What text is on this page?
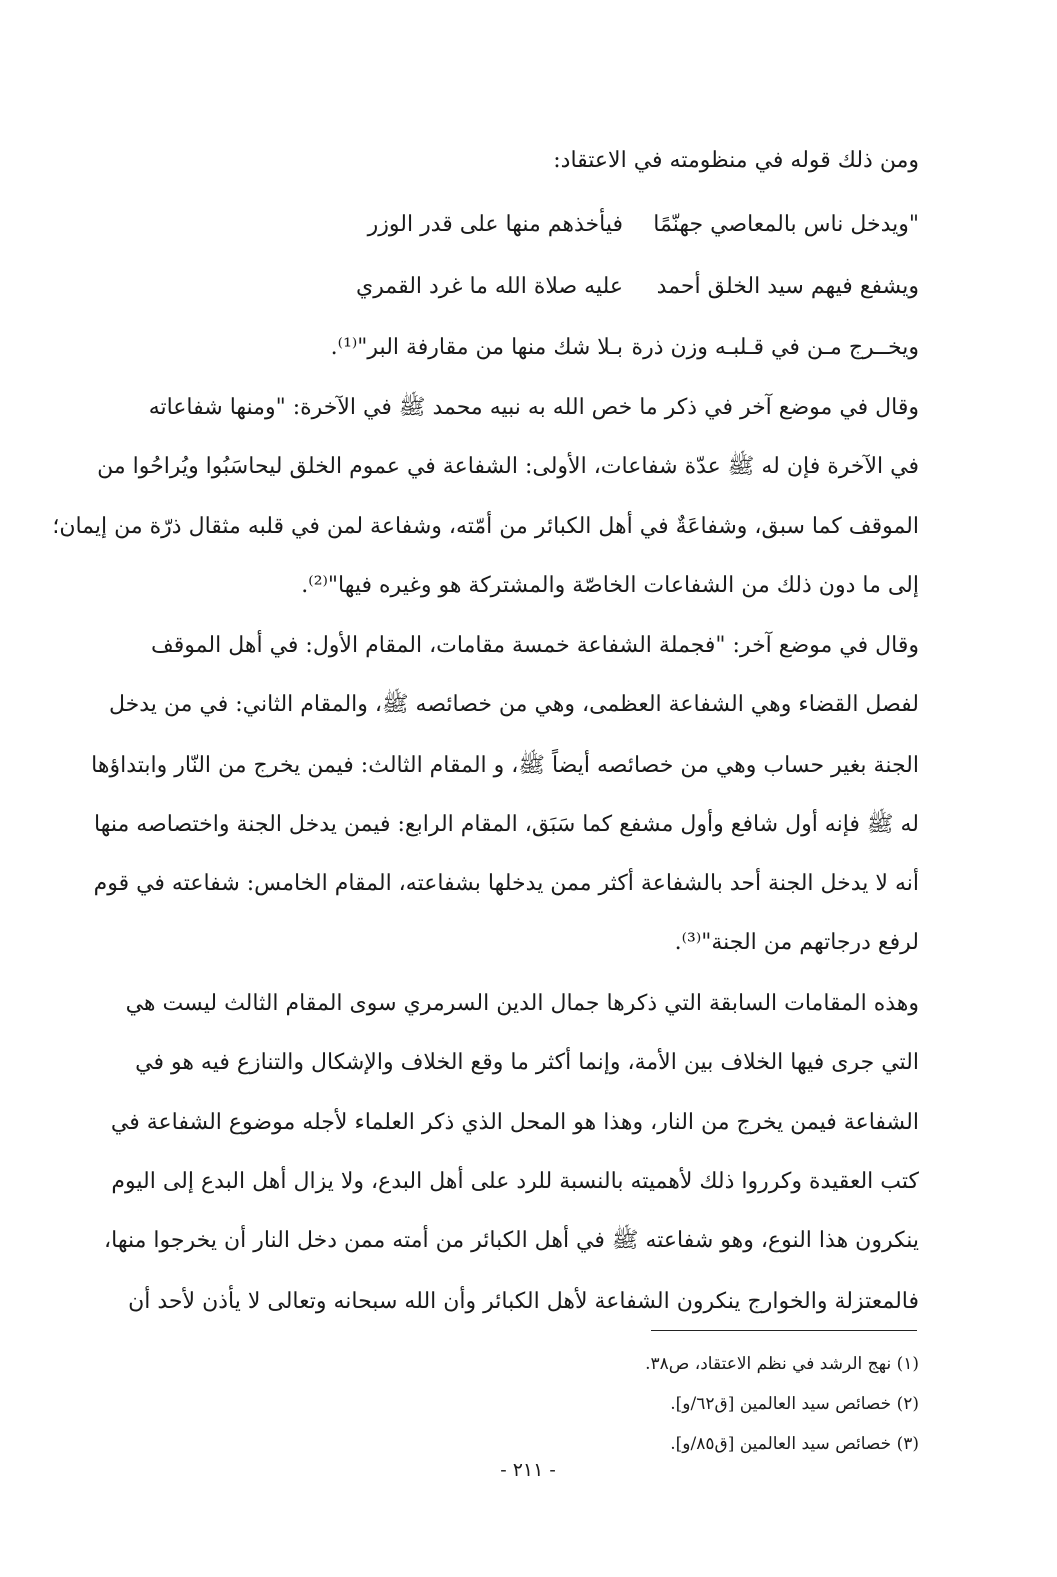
ومن ذلك قوله في منظومته في الاعتقاد:
"ويدخل ناس بالمعاصي جهنّمًا
فيأخذهم منها على قدر الوزر
ويشفع فيهم سيد الخلق أحمد
عليه صلاة الله ما غرد القمري
ويخــرج مـن في قـلبـه وزن ذرة
بـلا شك منها من مقارفة البر"⁽¹⁾.
وقال في موضع آخر في ذكر ما خص الله به نبيه محمد ﷺ في الآخرة: "ومنها شفاعاته
في الآخرة فإن له ﷺ عدّة شفاعات، الأولى: الشفاعة في عموم الخلق ليحاسَبُوا ويُراحُوا من
الموقف كما سبق، وشفاعَةٌ في أهل الكبائر من أمّته، وشفاعة لمن في قلبه مثقال ذرّة من إيمان؛
إلى ما دون ذلك من الشفاعات الخاصّة والمشتركة هو وغيره فيها"⁽²⁾.
وقال في موضع آخر: "فجملة الشفاعة خمسة مقامات، المقام الأول: في أهل الموقف
لفصل القضاء وهي الشفاعة العظمى، وهي من خصائصه ﷺ، والمقام الثاني: في من يدخل
الجنة بغير حساب وهي من خصائصه أيضاً ﷺ، و المقام الثالث: فيمن يخرج من النّار وابتداؤها
له ﷺ فإنه أول شافع وأول مشفع كما سَبَق، المقام الرابع: فيمن يدخل الجنة واختصاصه منها
أنه لا يدخل الجنة أحد بالشفاعة أكثر ممن يدخلها بشفاعته، المقام الخامس: شفاعته في قوم
لرفع درجاتهم من الجنة"⁽³⁾.
وهذه المقامات السابقة التي ذكرها جمال الدين السرمري سوى المقام الثالث ليست هي
التي جرى فيها الخلاف بين الأمة، وإنما أكثر ما وقع الخلاف والإشكال والتنازع فيه هو في
الشفاعة فيمن يخرج من النار، وهذا هو المحل الذي ذكر العلماء لأجله موضوع الشفاعة في
كتب العقيدة وكرروا ذلك لأهميته بالنسبة للرد على أهل البدع، ولا يزال أهل البدع إلى اليوم
ينكرون هذا النوع، وهو شفاعته ﷺ في أهل الكبائر من أمته ممن دخل النار أن يخرجوا منها،
فالمعتزلة والخوارج ينكرون الشفاعة لأهل الكبائر وأن الله سبحانه وتعالى لا يأذن لأحد أن
(١) نهج الرشد في نظم الاعتقاد، ص٣٨.
(٢) خصائص سيد العالمين [ق٦٢/و].
(٣) خصائص سيد العالمين [ق٨٥/و].
- ٢١١ -
